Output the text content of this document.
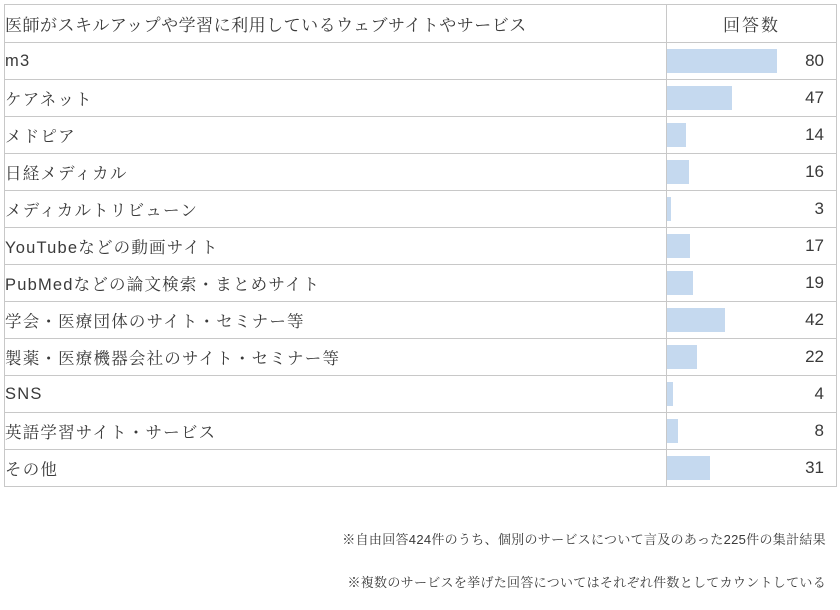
医師がスキルアップや学習に利用しているウェブサイトやサービス	回答数
m3	80

ケアネット	47

メドピア	14

日経メディカル	16

メディカルトリビューン	3

YouTubeなどの動画サイト	17

PubMedなどの論文検索・まとめサイト	19

学会・医療団体のサイト・セミナー等	42

製薬・医療機器会社のサイト・セミナー等	22

SNS	4

英語学習サイト・サービス	8

その他	31
※自由回答424件のうち、個別のサービスについて言及のあった225件の集計結果
※複数のサービスを挙げた回答についてはそれぞれ件数としてカウントしている
